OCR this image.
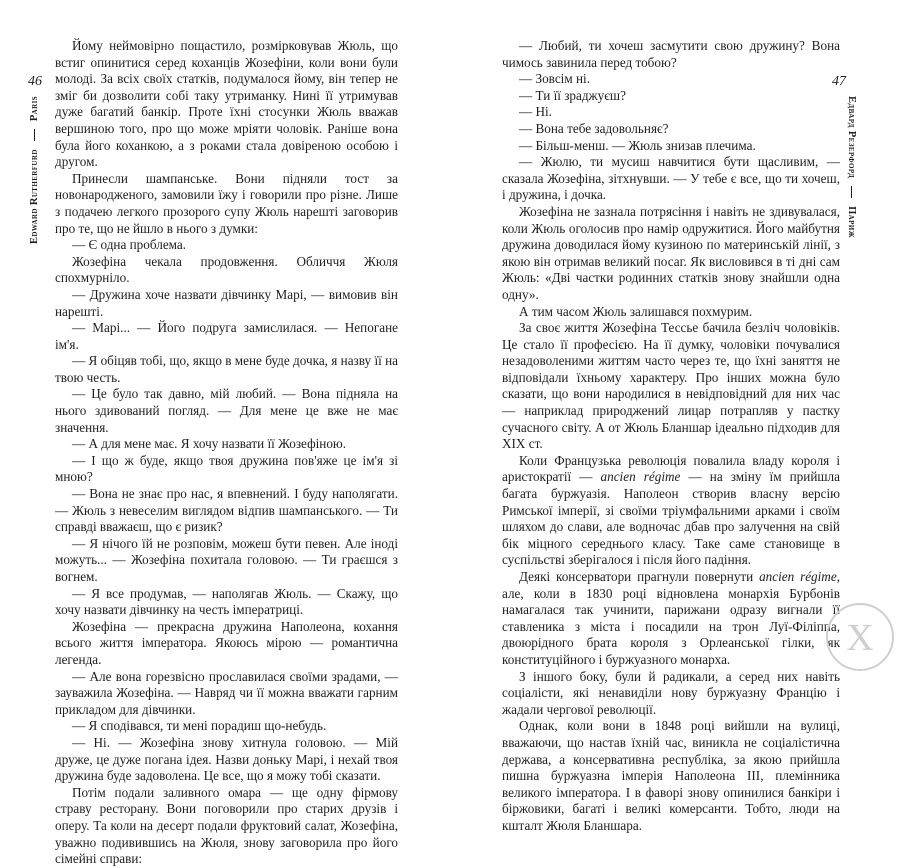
46
Edward Rutherfurd  Paris

Йому неймовірно пощастило, розмірковував Жюль, що встиг опинитися серед коханців Жозефіни, коли вони були молоді. За всіх своїх статків, подумалося йому, він тепер не зміг би дозволити собі таку утриманку. Нині її утримував дуже багатий банкір. Проте їхні стосунки Жюль вважав вершиною того, про що може мріяти чоловік. Раніше вона була його коханкою, а з роками стала довіреною особою і другом.

Принесли шампанське. Вони підняли тост за новонародженого, замовили їжу і говорили про різне. Лише з подачею легкого прозорого супу Жюль нарешті заговорив про те, що не йшло в нього з думки:

— Є одна проблема.

Жозефіна чекала продовження. Обличчя Жюля спохмурніло.

— Дружина хоче назвати дівчинку Марі, — вимовив він нарешті.

— Марі... — Його подруга замислилася. — Непогане ім'я.

— Я обіцяв тобі, що, якщо в мене буде дочка, я назву її на твою честь.

— Це було так давно, мій любий. — Вона підняла на нього здивований погляд. — Для мене це вже не має значення.

— А для мене має. Я хочу назвати її Жозефіною.

— І що ж буде, якщо твоя дружина пов'яже це ім'я зі мною?

— Вона не знає про нас, я впевнений. І буду наполягати. — Жюль з невеселим виглядом відпив шампанського. — Ти справді вважаєш, що є ризик?

— Я нічого їй не розповім, можеш бути певен. Але іноді можуть... — Жозефіна похитала головою. — Ти граєшся з вогнем.

— Я все продумав, — наполягав Жюль. — Скажу, що хочу назвати дівчинку на честь імператриці.

Жозефіна — прекрасна дружина Наполеона, кохання всього життя імператора. Якоюсь мірою — романтична легенда.

— Але вона горезвісно прославилася своїми зрадами, — зауважила Жозефіна. — Навряд чи її можна вважати гарним прикладом для дівчинки.

— Я сподівався, ти мені порадиш що-небудь.

— Ні. — Жозефіна знову хитнула головою. — Мій друже, це дуже погана ідея. Назви доньку Марі, і нехай твоя дружина буде задоволена. Це все, що я можу тобі сказати.

Потім подали заливного омара — ще одну фірмову страву ресторану. Вони поговорили про старих друзів і оперу. Та коли на десерт подали фруктовий салат, Жозефіна, уважно подивившись на Жюля, знову заговорила про його сімейні справи:

47
Едвард Резерфорд  Париж

— Любий, ти хочеш засмутити свою дружину? Вона чимось завинила перед тобою?

— Зовсім ні.

— Ти її зраджуєш?

— Ні.

— Вона тебе задовольняє?

— Більш-менш. — Жюль знизав плечима.

— Жюлю, ти мусиш навчитися бути щасливим, — сказала Жозефіна, зітхнувши. — У тебе є все, що ти хочеш, і дружина, і дочка.

Жозефіна не зазнала потрясіння і навіть не здивувалася, коли Жюль оголосив про намір одружитися. Його майбутня дружина доводилася йому кузиною по материнській лінії, з якою він отримав великий посаг. Як висловився в ті дні сам Жюль: «Дві частки родинних статків знову знайшли одна одну».

А тим часом Жюль залишався похмурим.

За своє життя Жозефіна Тессье бачила безліч чоловіків. Це стало її професією. На її думку, чоловіки почувалися незадоволеними життям часто через те, що їхні заняття не відповідали їхньому характеру. Про інших можна було сказати, що вони народилися в невідповідний для них час — наприклад природжений лицар потрапляв у пастку сучасного світу. А от Жюль Бланшар ідеально підходив для XIX ст.

Коли Французька революція повалила владу короля і аристократії — ancien régime — на зміну їм прийшла багата буржуазія. Наполеон створив власну версію Римської імперії, зі своїми тріумфальними арками і своїм шляхом до слави, але водночас дбав про залучення на свій бік міцного середнього класу. Таке саме становище в суспільстві зберігалося і після його падіння.

Деякі консерватори прагнули повернути ancien régime, але, коли в 1830 році відновлена монархія Бурбонів намагалася так учинити, парижани одразу вигнали її ставленика з міста і посадили на трон Луї-Філіппа, двоюрідного брата короля з Орлеанської гілки, як конституційного і буржуазного монарха.

З іншого боку, були й радикали, а серед них навіть соціалісти, які ненавиділи нову буржуазну Францію і жадали чергової революції.

Однак, коли вони в 1848 році вийшли на вулиці, вважаючи, що настав їхній час, виникла не соціалістична держава, а консервативна республіка, за якою прийшла пишна буржуазна імперія Наполеона III, племінника великого імператора. І в фаворі знову опинилися банкіри і біржовики, багаті і великі комерсанти. Тобто, люди на кшталт Жюля Бланшара.

Х
